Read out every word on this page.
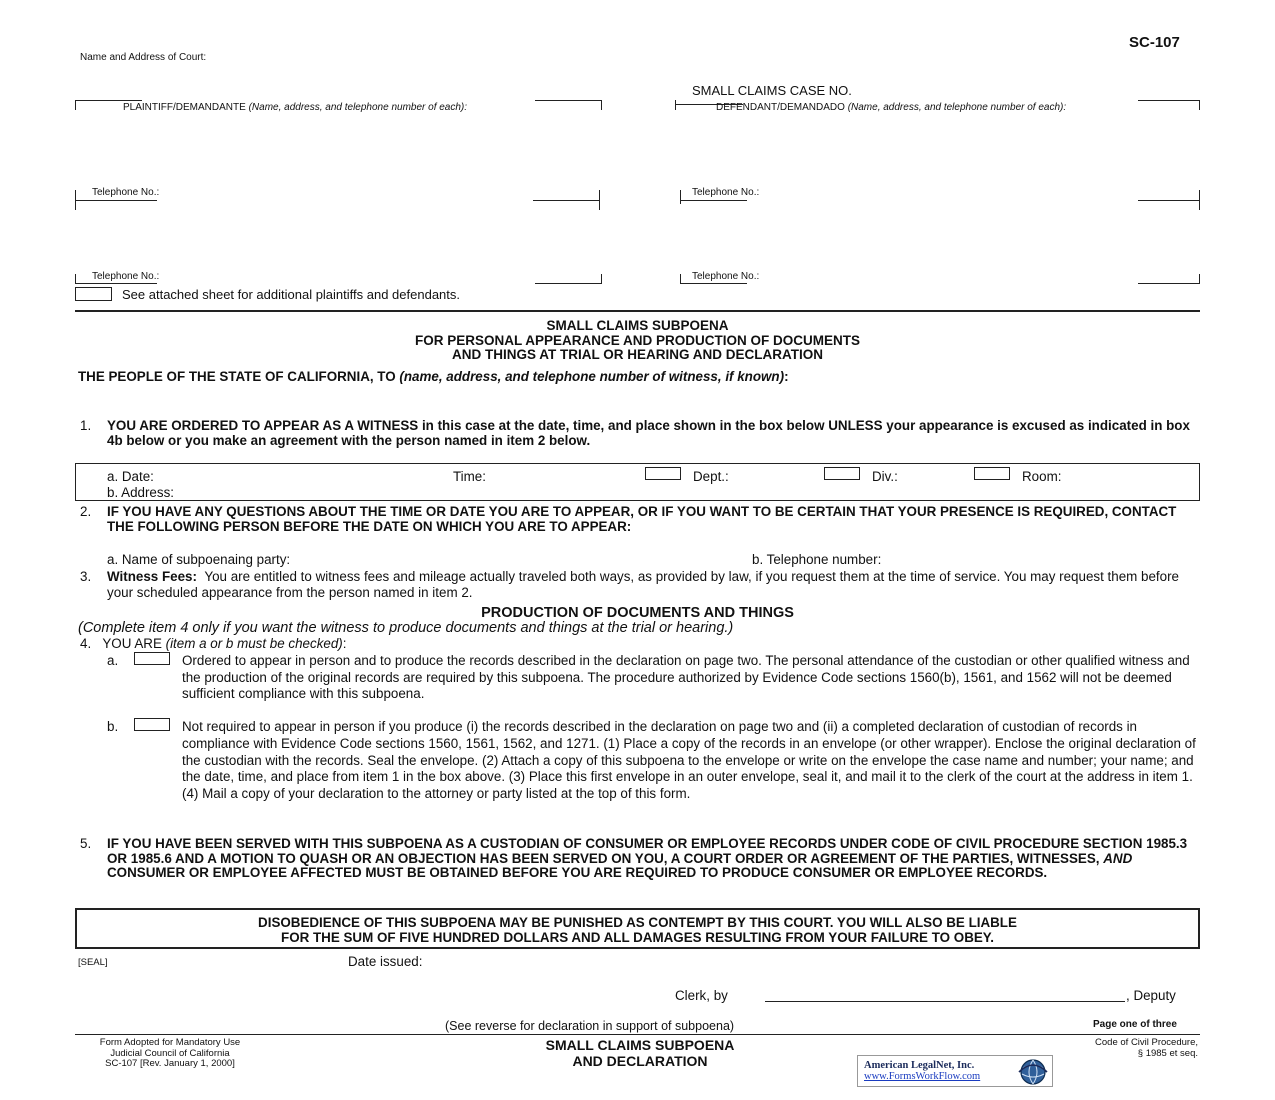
SC-107
Name and Address of Court:
SMALL CLAIMS CASE NO.
PLAINTIFF/DEMANDANTE (Name, address, and telephone number of each):	DEFENDANT/DEMANDADO (Name, address, and telephone number of each):
Telephone No.:	Telephone No.:
Telephone No.:	Telephone No.:
See attached sheet for additional plaintiffs and defendants.
SMALL CLAIMS SUBPOENA
FOR PERSONAL APPEARANCE AND PRODUCTION OF DOCUMENTS
AND THINGS AT TRIAL OR HEARING AND DECLARATION
THE PEOPLE OF THE STATE OF CALIFORNIA, TO (name, address, and telephone number of witness, if known):
1. YOU ARE ORDERED TO APPEAR AS A WITNESS in this case at the date, time, and place shown in the box below UNLESS your appearance is excused as indicated in box 4b below or you make an agreement with the person named in item 2 below.
a. Date:	Time:	Dept.:	Div.:	Room:
b. Address:
2. IF YOU HAVE ANY QUESTIONS ABOUT THE TIME OR DATE YOU ARE TO APPEAR, OR IF YOU WANT TO BE CERTAIN THAT YOUR PRESENCE IS REQUIRED, CONTACT THE FOLLOWING PERSON BEFORE THE DATE ON WHICH YOU ARE TO APPEAR:
a. Name of subpoenaing party:	b. Telephone number:
3. Witness Fees: You are entitled to witness fees and mileage actually traveled both ways, as provided by law, if you request them at the time of service. You may request them before your scheduled appearance from the person named in item 2.
PRODUCTION OF DOCUMENTS AND THINGS
(Complete item 4 only if you want the witness to produce documents and things at the trial or hearing.)
4. YOU ARE (item a or b must be checked):
a.	Ordered to appear in person and to produce the records described in the declaration on page two. The personal attendance of the custodian or other qualified witness and the production of the original records are required by this subpoena. The procedure authorized by Evidence Code sections 1560(b), 1561, and 1562 will not be deemed sufficient compliance with this subpoena.
b.	Not required to appear in person if you produce (i) the records described in the declaration on page two and (ii) a completed declaration of custodian of records in compliance with Evidence Code sections 1560, 1561, 1562, and 1271. (1) Place a copy of the records in an envelope (or other wrapper). Enclose the original declaration of the custodian with the records. Seal the envelope. (2) Attach a copy of this subpoena to the envelope or write on the envelope the case name and number; your name; and the date, time, and place from item 1 in the box above. (3) Place this first envelope in an outer envelope, seal it, and mail it to the clerk of the court at the address in item 1. (4) Mail a copy of your declaration to the attorney or party listed at the top of this form.
5. IF YOU HAVE BEEN SERVED WITH THIS SUBPOENA AS A CUSTODIAN OF CONSUMER OR EMPLOYEE RECORDS UNDER CODE OF CIVIL PROCEDURE SECTION 1985.3 OR 1985.6 AND A MOTION TO QUASH OR AN OBJECTION HAS BEEN SERVED ON YOU, A COURT ORDER OR AGREEMENT OF THE PARTIES, WITNESSES, AND CONSUMER OR EMPLOYEE AFFECTED MUST BE OBTAINED BEFORE YOU ARE REQUIRED TO PRODUCE CONSUMER OR EMPLOYEE RECORDS.
DISOBEDIENCE OF THIS SUBPOENA MAY BE PUNISHED AS CONTEMPT BY THIS COURT. YOU WILL ALSO BE LIABLE
FOR THE SUM OF FIVE HUNDRED DOLLARS AND ALL DAMAGES RESULTING FROM YOUR FAILURE TO OBEY.
[SEAL]	Date issued:
Clerk, by	, Deputy
(See reverse for declaration in support of subpoena)	Page one of three
Form Adopted for Mandatory Use
Judicial Council of California
SC-107 [Rev. January 1, 2000]
SMALL CLAIMS SUBPOENA
AND DECLARATION
Code of Civil Procedure,
§ 1985 et seq.
American LegalNet, Inc.
www.FormsWorkFlow.com
